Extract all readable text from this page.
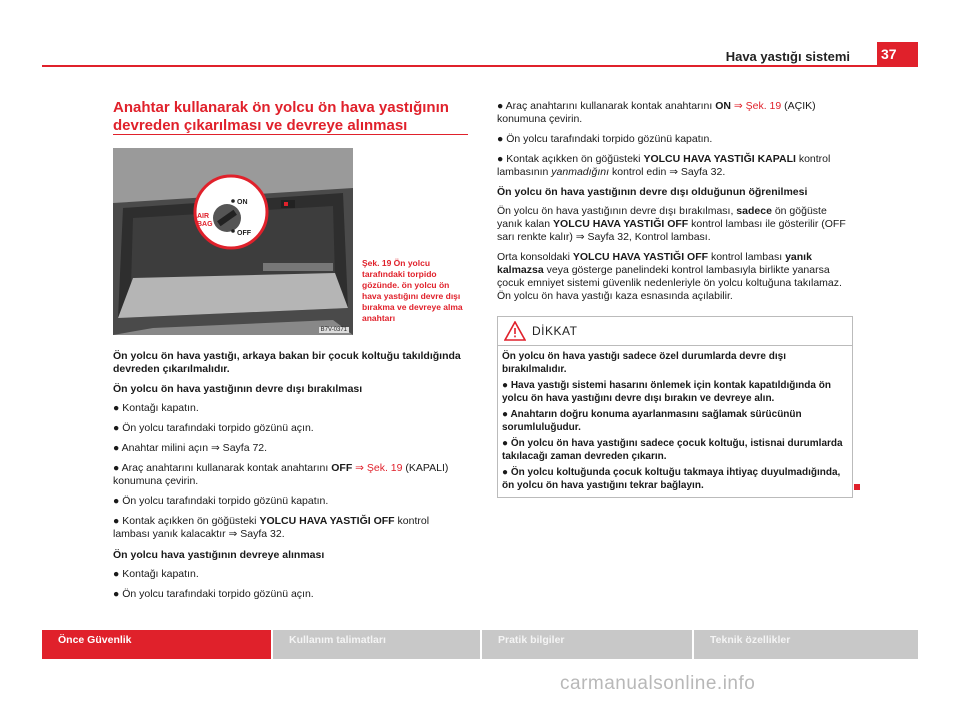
Hava yastığı sistemi 37
Anahtar kullanarak ön yolcu ön hava yastığının devreden çıkarılması ve devreye alınması
AIR
BAG
ON
OFF
B7V-0371
Şek. 19 Ön yolcu tarafındaki torpido gözünde. ön yolcu ön hava yastığını devre dışı bırakma ve devreye alma anahtarı

Ön yolcu ön hava yastığı, arkaya bakan bir çocuk koltuğu takıldığında devreden çıkarılmalıdır.

Ön yolcu ön hava yastığının devre dışı bırakılması

● Kontağı kapatın.

● Ön yolcu tarafındaki torpido gözünü açın.

● Anahtar milini açın ⇒ Sayfa 72.

● Araç anahtarını kullanarak kontak anahtarını OFF ⇒ Şek. 19 (KAPALI) konumuna çevirin.

● Ön yolcu tarafındaki torpido gözünü kapatın.

● Kontak açıkken ön göğüsteki YOLCU HAVA YASTIĞI OFF kontrol lambası yanık kalacaktır ⇒ Sayfa 32.

Ön yolcu hava yastığının devreye alınması

● Kontağı kapatın.

● Ön yolcu tarafındaki torpido gözünü açın.

● Araç anahtarını kullanarak kontak anahtarını ON ⇒ Şek. 19 (AÇIK) konumuna çevirin.

● Ön yolcu tarafındaki torpido gözünü kapatın.

● Kontak açıkken ön göğüsteki YOLCU HAVA YASTIĞI KAPALI kontrol lambasının yanmadığını kontrol edin ⇒ Sayfa 32.

Ön yolcu ön hava yastığının devre dışı olduğunun öğrenilmesi

Ön yolcu ön hava yastığının devre dışı bırakılması, sadece ön göğüste yanık kalan YOLCU HAVA YASTIĞI OFF kontrol lambası ile gösterilir (OFF sarı renkte kalır) ⇒ Sayfa 32, Kontrol lambası.

Orta konsoldaki YOLCU HAVA YASTIĞI OFF kontrol lambası yanık kalmazsa veya gösterge panelindeki kontrol lambasıyla birlikte yanarsa çocuk emniyet sistemi güvenlik nedenleriyle ön yolcu koltuğuna takılamaz. Ön yolcu ön hava yastığı kaza esnasında açılabilir.

DİKKAT

Ön yolcu ön hava yastığı sadece özel durumlarda devre dışı bırakılmalıdır.

● Hava yastığı sistemi hasarını önlemek için kontak kapatıldığında ön yolcu ön hava yastığını devre dışı bırakın ve devreye alın.

● Anahtarın doğru konuma ayarlanmasını sağlamak sürücünün sorumluluğudur.

● Ön yolcu ön hava yastığını sadece çocuk koltuğu, istisnai durumlarda takılacağı zaman devreden çıkarın.

● Ön yolcu koltuğunda çocuk koltuğu takmaya ihtiyaç duyulmadığında, ön yolcu ön hava yastığını tekrar bağlayın.

Önce Güvenlik	Kullanım talimatları	Pratik bilgiler	Teknik özellikler
carmanualsonline.info
